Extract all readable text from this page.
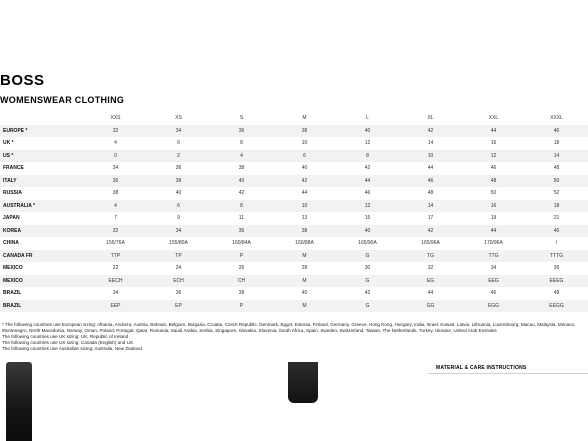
BOSS
WOMENSWEAR CLOTHING
	XXS	XS	S	M	L	XL	XXL	XXXL
EUROPE *	32	34	36	38	40	42	44	46
UK *	4	6	8	10	12	14	16	18
US *	0	2	4	6	8	10	12	14
FRANCE	34	36	38	40	42	44	46	48
ITALY	36	38	40	42	44	46	48	50
RUSSIA	38	40	42	44	46	48	50	52
AUSTRALIA *	4	6	8	10	12	14	16	18
JAPAN	7	9	11	13	15	17	19	21
KOREA	32	34	36	38	40	42	44	46
CHINA	155/76A	155/80A	160/84A	160/88A	165/90A	165/96A	170/96A	/
CANADA FR	TTP	TP	P	M	G	TG	TTG	TTTG
MEXICO	22	24	26	28	30	32	34	36
MEXICO	EECH	ECH	CH	M	G	EG	EEG	EEEG
BRAZIL	34	36	38	40	42	44	46	48
BRAZIL	EEP	EP	P	M	G	GG	EGG	EEGG
* The following countries use European sizing: Albania, Andorra, Austria, Bahrain, Belgium, Bulgaria, Croatia, Czech Republic, Denmark, Egypt, Estonia, Finland, Germany, Greece, Hong Kong, Hungary, India, Israel, Kuwait, Latvia, Lithuania, Luxembourg, Macau, Malaysia, Monaco, Montenegro, North Macedonia, Norway, Oman, Poland, Portugal, Qatar, Romania, Saudi Arabia, Serbia, Singapore, Slovakia, Slovenia, South Africa, Spain, Sweden, Switzerland, Taiwan, The Netherlands, Turkey, Ukraine, United Arab Emirates
The following countries use UK sizing: UK, Republic of Ireland
The following countries use US sizing: Canada (English) and US
The following countries use Australian sizing: Australia, New Zealand
MATERIAL & CARE INSTRUCTIONS
